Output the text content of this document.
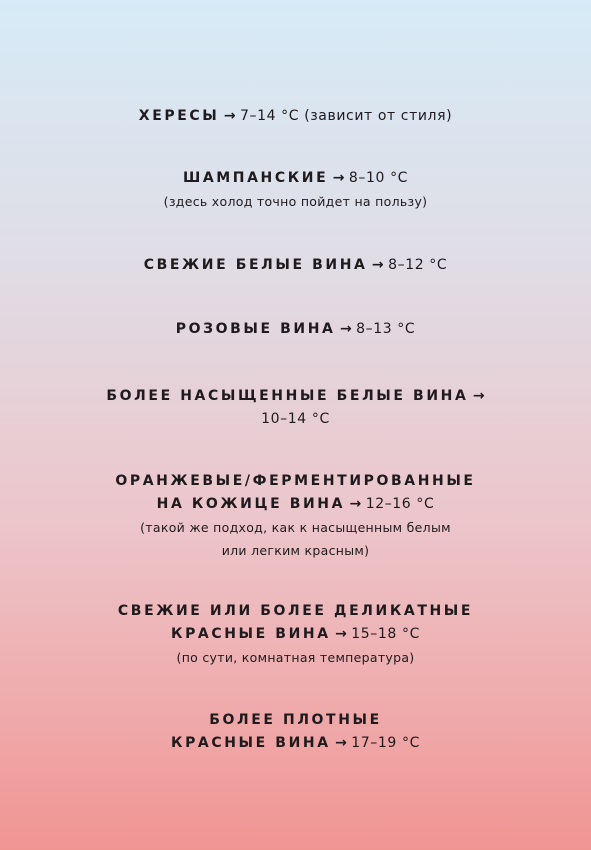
ХЕРЕСЫ → 7–14 °С (зависит от стиля)
ШАМПАНСКИЕ → 8–10 °С
(здесь холод точно пойдет на пользу)
СВЕЖИЕ БЕЛЫЕ ВИНА → 8–12 °С
РОЗОВЫЕ ВИНА → 8–13 °С
БОЛЕЕ НАСЫЩЕННЫЕ БЕЛЫЕ ВИНА →
10–14 °С
ОРАНЖЕВЫЕ/ФЕРМЕНТИРОВАННЫЕ
НА КОЖИЦЕ ВИНА → 12–16 °С
(такой же подход, как к насыщенным белым
или легким красным)
СВЕЖИЕ ИЛИ БОЛЕЕ ДЕЛИКАТНЫЕ
КРАСНЫЕ ВИНА → 15–18 °С
(по сути, комнатная температура)
БОЛЕЕ ПЛОТНЫЕ
КРАСНЫЕ ВИНА → 17–19 °С
